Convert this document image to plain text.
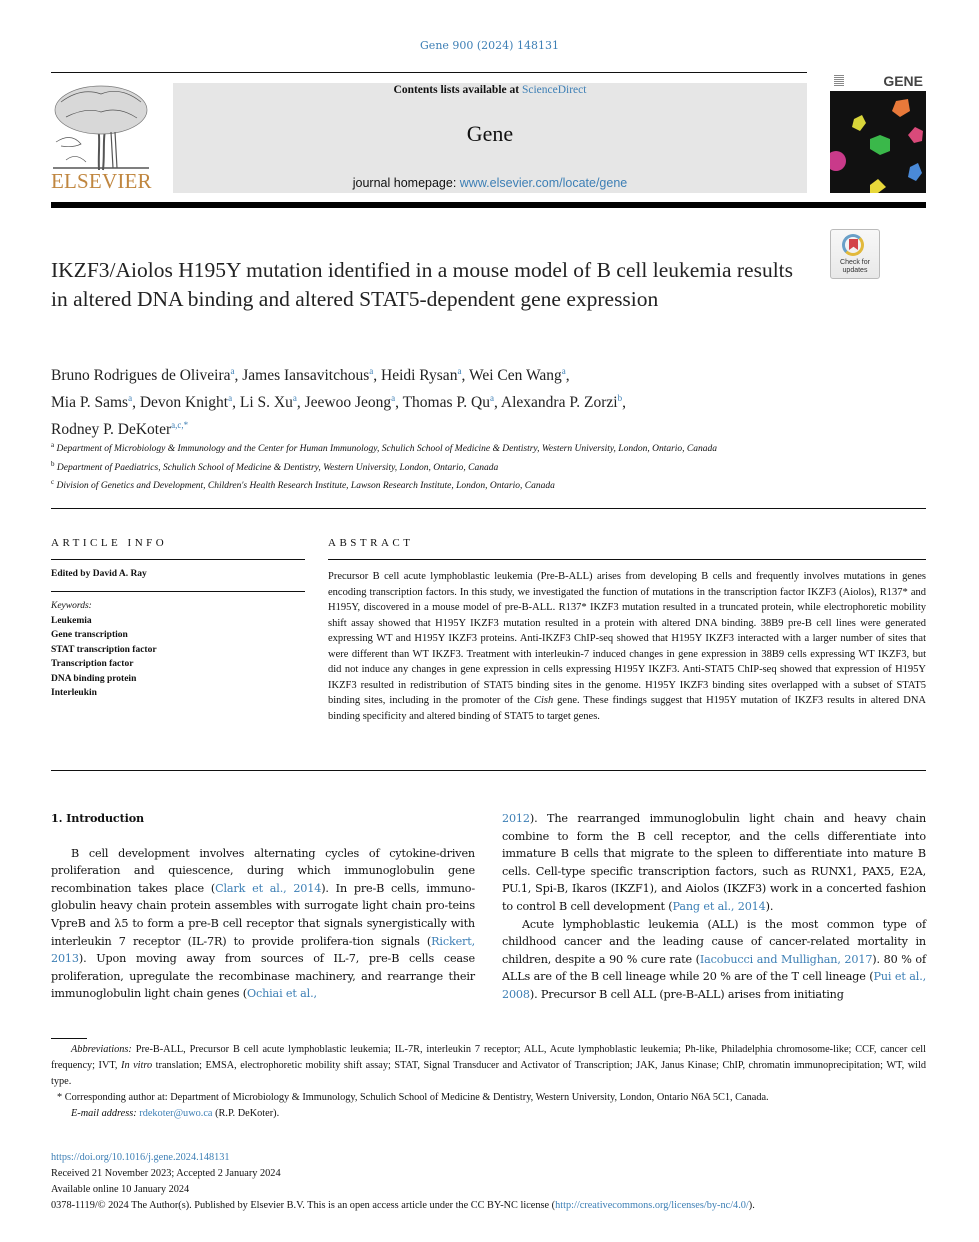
Gene 900 (2024) 148131
ELSEVIER
Contents lists available at ScienceDirect
Gene
journal homepage: www.elsevier.com/locate/gene
GENE
Check for updates
IKZF3/Aiolos H195Y mutation identified in a mouse model of B cell leukemia results in altered DNA binding and altered STAT5-dependent gene expression
Bruno Rodrigues de Oliveira$^a$, James Iansavitchous$^a$, Heidi Rysan$^a$, Wei Cen Wang$^a$,
Mia P. Sams$^a$, Devon Knight$^a$, Li S. Xu$^a$, Jeewoo Jeong$^a$, Thomas P. Qu$^a$, Alexandra P. Zorzi$^b$,
Rodney P. DeKoter$^{a,c,*}$
$^a$ Department of Microbiology & Immunology and the Center for Human Immunology, Schulich School of Medicine & Dentistry, Western University, London, Ontario, Canada
$^b$ Department of Paediatrics, Schulich School of Medicine & Dentistry, Western University, London, Ontario, Canada
$^c$ Division of Genetics and Development, Children's Health Research Institute, Lawson Research Institute, London, Ontario, Canada
ARTICLE INFO	ABSTRACT
Edited by David A. Ray
Keywords:
Leukemia
Gene transcription
STAT transcription factor
Transcription factor
DNA binding protein
Interleukin
Precursor B cell acute lymphoblastic leukemia (Pre-B-ALL) arises from developing B cells and frequently involves mutations in genes encoding transcription factors. In this study, we investigated the function of mutations in the transcription factor IKZF3 (Aiolos), R137* and H195Y, discovered in a mouse model of pre-B-ALL. R137* IKZF3 mutation resulted in a truncated protein, while electrophoretic mobility shift assay showed that H195Y IKZF3 mutation resulted in a protein with altered DNA binding. 38B9 pre-B cell lines were generated expressing WT and H195Y IKZF3 proteins. Anti-IKZF3 ChIP-seq showed that H195Y IKZF3 interacted with a larger number of sites that were different than WT IKZF3. Treatment with interleukin-7 induced changes in gene expression in 38B9 cells expressing WT IKZF3, but did not induce any changes in gene expression in cells expressing H195Y IKZF3. Anti-STAT5 ChIP-seq showed that expression of H195Y IKZF3 resulted in redistribution of STAT5 binding sites in the genome. H195Y IKZF3 binding sites overlapped with a subset of STAT5 binding sites, including in the promoter of the Cish gene. These findings suggest that H195Y mutation of IKZF3 results in altered DNA binding specificity and altered binding of STAT5 to target genes.
1. Introduction

B cell development involves alternating cycles of cytokine-driven proliferation and quiescence, during which immunoglobulin gene recombination takes place (Clark et al., 2014). In pre-B cells, immuno-globulin heavy chain protein assembles with surrogate light chain pro-teins VpreB and λ5 to form a pre-B cell receptor that signals synergistically with interleukin 7 receptor (IL-7R) to provide prolifera-tion signals (Rickert, 2013). Upon moving away from sources of IL-7, pre-B cells cease proliferation, upregulate the recombinase machinery, and rearrange their immunoglobulin light chain genes (Ochiai et al.,

2012). The rearranged immunoglobulin light chain and heavy chain combine to form the B cell receptor, and the cells differentiate into immature B cells that migrate to the spleen to differentiate into mature B cells. Cell-type specific transcription factors, such as RUNX1, PAX5, E2A, PU.1, Spi-B, Ikaros (IKZF1), and Aiolos (IKZF3) work in a concerted fashion to control B cell development (Pang et al., 2014).

Acute lymphoblastic leukemia (ALL) is the most common type of childhood cancer and the leading cause of cancer-related mortality in children, despite a 90 % cure rate (Iacobucci and Mullighan, 2017). 80 % of ALLs are of the B cell lineage while 20 % are of the T cell lineage (Pui et al., 2008). Precursor B cell ALL (pre-B-ALL) arises from initiating

Abbreviations: Pre-B-ALL, Precursor B cell acute lymphoblastic leukemia; IL-7R, interleukin 7 receptor; ALL, Acute lymphoblastic leukemia; Ph-like, Philadelphia chromosome-like; CCF, cancer cell frequency; IVT, In vitro translation; EMSA, electrophoretic mobility shift assay; STAT, Signal Transducer and Activator of Transcription; JAK, Janus Kinase; ChIP, chromatin immunoprecipitation; WT, wild type.

* Corresponding author at: Department of Microbiology & Immunology, Schulich School of Medicine & Dentistry, Western University, London, Ontario N6A 5C1, Canada.

E-mail address: rdekoter@uwo.ca (R.P. DeKoter).

https://doi.org/10.1016/j.gene.2024.148131

Received 21 November 2023; Accepted 2 January 2024

Available online 10 January 2024

0378-1119/© 2024 The Author(s). Published by Elsevier B.V. This is an open access article under the CC BY-NC license (http://creativecommons.org/licenses/by-nc/4.0/).
